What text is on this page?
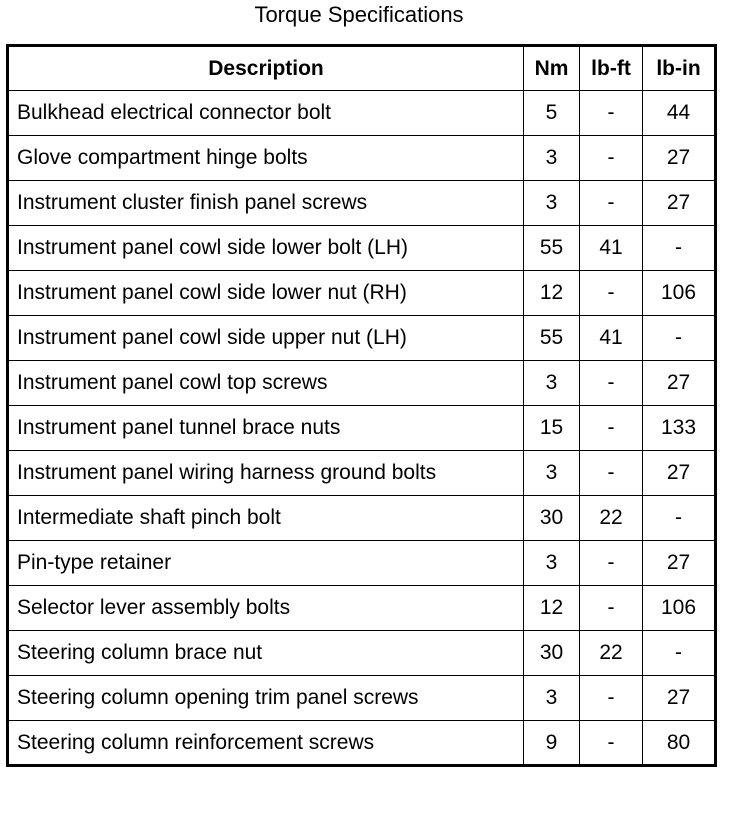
Torque Specifications
Description	Nm	lb-ft	lb-in
Bulkhead electrical connector bolt	5	-	44
Glove compartment hinge bolts	3	-	27
Instrument cluster finish panel screws	3	-	27
Instrument panel cowl side lower bolt (LH)	55	41	-
Instrument panel cowl side lower nut (RH)	12	-	106
Instrument panel cowl side upper nut (LH)	55	41	-
Instrument panel cowl top screws	3	-	27
Instrument panel tunnel brace nuts	15	-	133
Instrument panel wiring harness ground bolts	3	-	27
Intermediate shaft pinch bolt	30	22	-
Pin-type retainer	3	-	27
Selector lever assembly bolts	12	-	106
Steering column brace nut	30	22	-
Steering column opening trim panel screws	3	-	27
Steering column reinforcement screws	9	-	80
